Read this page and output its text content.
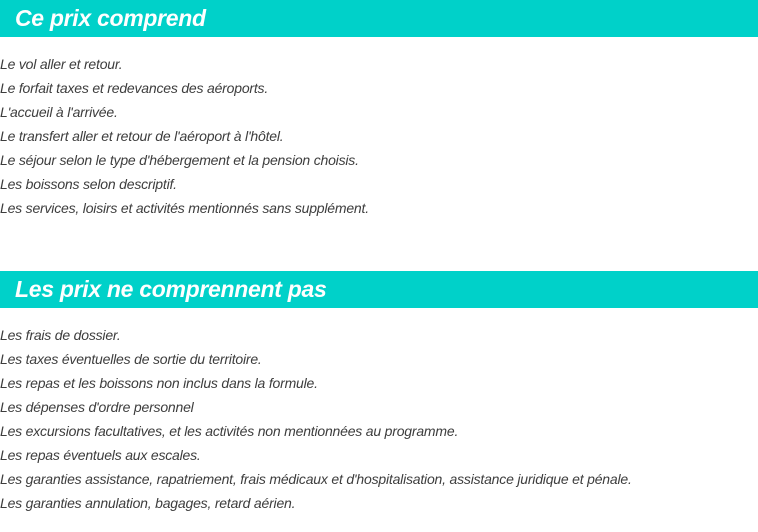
Ce prix comprend
Le vol aller et retour.
Le forfait taxes et redevances des aéroports.
L'accueil à l'arrivée.
Le transfert aller et retour de l'aéroport à l'hôtel.
Le séjour selon le type d'hébergement et la pension choisis.
Les boissons selon descriptif.
Les services, loisirs et activités mentionnés sans supplément.
Les prix ne comprennent pas
Les frais de dossier.
Les taxes éventuelles de sortie du territoire.
Les repas et les boissons non inclus dans la formule.
Les dépenses d'ordre personnel
Les excursions facultatives, et les activités non mentionnées au programme.
Les repas éventuels aux escales.
Les garanties assistance, rapatriement, frais médicaux et d'hospitalisation, assistance juridique et pénale.
Les garanties annulation, bagages, retard aérien.
